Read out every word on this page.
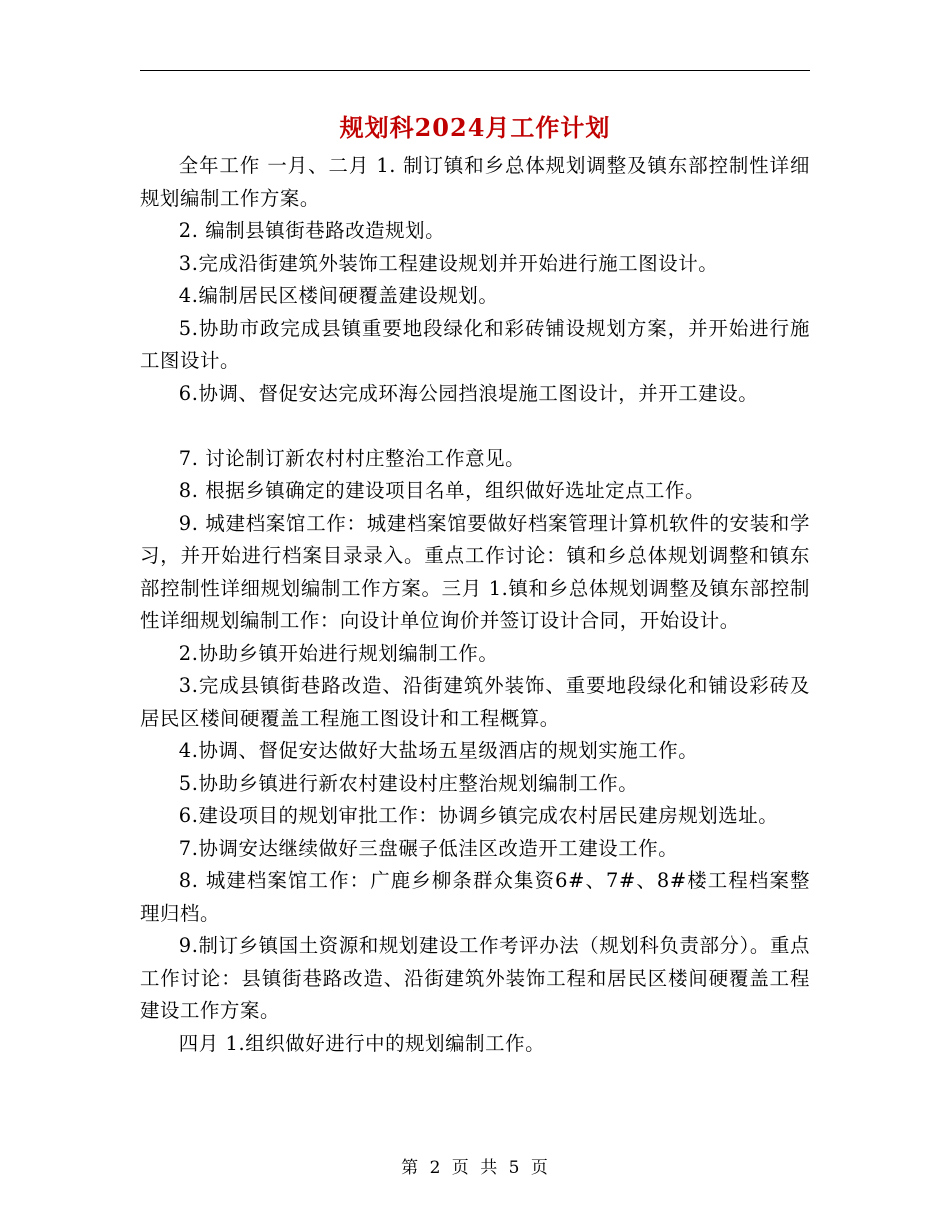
规划科2024月工作计划

全年工作 一月、二月 1. 制订镇和乡总体规划调整及镇东部控制性详细规划编制工作方案。

2. 编制县镇街巷路改造规划。

3.完成沿街建筑外装饰工程建设规划并开始进行施工图设计。

4.编制居民区楼间硬覆盖建设规划。

5.协助市政完成县镇重要地段绿化和彩砖铺设规划方案，并开始进行施工图设计。

6.协调、督促安达完成环海公园挡浪堤施工图设计，并开工建设。

7. 讨论制订新农村村庄整治工作意见。

8. 根据乡镇确定的建设项目名单，组织做好选址定点工作。

9. 城建档案馆工作：城建档案馆要做好档案管理计算机软件的安装和学习，并开始进行档案目录录入。重点工作讨论：镇和乡总体规划调整和镇东部控制性详细规划编制工作方案。三月 1.镇和乡总体规划调整及镇东部控制性详细规划编制工作：向设计单位询价并签订设计合同，开始设计。

2.协助乡镇开始进行规划编制工作。

3.完成县镇街巷路改造、沿街建筑外装饰、重要地段绿化和铺设彩砖及居民区楼间硬覆盖工程施工图设计和工程概算。

4.协调、督促安达做好大盐场五星级酒店的规划实施工作。

5.协助乡镇进行新农村建设村庄整治规划编制工作。

6.建设项目的规划审批工作：协调乡镇完成农村居民建房规划选址。

7.协调安达继续做好三盘碾子低洼区改造开工建设工作。

8. 城建档案馆工作：广鹿乡柳条群众集资6#、7#、8#楼工程档案整理归档。

9.制订乡镇国土资源和规划建设工作考评办法（规划科负责部分）。重点工作讨论：县镇街巷路改造、沿街建筑外装饰工程和居民区楼间硬覆盖工程建设工作方案。

四月 1.组织做好进行中的规划编制工作。

第 2 页 共 5 页
